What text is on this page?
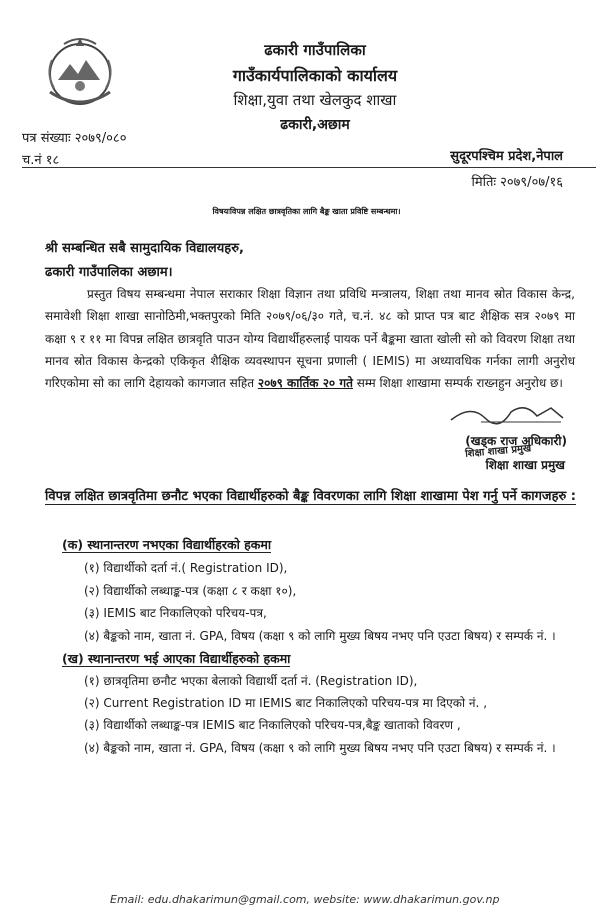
ढकारी गाउँपालिका
गाउँकार्यपालिकाको कार्यालय
शिक्षा,युवा तथा खेलकुद शाखा
ढकारी,अछाम
पत्र संख्याः २०७९/०८०
च.नं १८	सुदूरपश्चिम प्रदेश,नेपाल
मितिः २०७९/०७/१६
विषयःविपन्न लक्षित छात्रवृतिका लागि बैङ्क खाता प्रविष्टि सम्बन्धमा।
श्री सम्बन्धित सबै सामुदायिक विद्यालयहरु,
ढकारी गाउँपालिका अछाम।
प्रस्तुत विषय सम्बन्धमा नेपाल सराकार शिक्षा विज्ञान तथा प्रविधि मन्त्रालय, शिक्षा तथा मानव स्रोत विकास केन्द्र, समावेशी शिक्षा शाखा सानोठिमी,भक्तपुरको मिति २०७९/०६/३० गते, च.नं. ४८ को प्राप्त पत्र बाट शैक्षिक सत्र २०७९ मा कक्षा ९ र ११ मा विपन्न लक्षित छात्रवृति पाउन योग्य विद्यार्थीहरुलाई पायक पर्ने बैङ्कमा खाता खोली सो को विवरण शिक्षा तथा मानव स्रोत विकास केन्द्रको एकिकृत शैक्षिक व्यवस्थापन सूचना प्रणाली ( IEMIS) मा अध्यावधिक गर्नका लागी अनुरोध गरिएकोमा सो का लागि देहायको कागजात सहित २०७९ कार्तिक २० गते सम्म शिक्षा शाखामा सम्पर्क राख्नहुन अनुरोध छ।
(खड्क राज अधिकारी)
शिक्षा शाखा प्रमुख
शिक्षा शाखा प्रमुख
विपन्न लक्षित छात्रवृतिमा छनौट भएका विद्यार्थीहरुको बैङ्क विवरणका लागि शिक्षा शाखामा पेश गर्नु पर्ने कागजहरु :
(क) स्थानान्तरण नभएका विद्यार्थीहरको हकमा
(१) विद्यार्थीको दर्ता नं.( Registration ID),
(२) विद्यार्थीको लब्धाङ्क-पत्र (कक्षा ८ र कक्षा १०),
(३) IEMIS बाट निकालिएको परिचय-पत्र,
(४) बैङ्कको नाम, खाता नं. GPA, विषय (कक्षा ९ को लागि मुख्य बिषय नभए पनि एउटा बिषय) र सम्पर्क नं. ।
(ख) स्थानान्तरण भई आएका विद्यार्थीहरुको हकमा
(१) छात्रवृतिमा छनौट भएका बेलाको विद्यार्थी दर्ता नं. (Registration ID),
(२) Current Registration ID मा IEMIS बाट निकालिएको परिचय-पत्र मा दिएको नं. ,
(३) विद्यार्थीको लब्धाङ्क-पत्र IEMIS बाट निकालिएको परिचय-पत्र,बैङ्क खाताको विवरण ,
(४) बैङ्कको नाम, खाता नं. GPA, विषय (कक्षा ९ को लागि मुख्य बिषय नभए पनि एउटा बिषय) र सम्पर्क नं. ।
Email: edu.dhakarimun@gmail.com, website: www.dhakarimun.gov.np
